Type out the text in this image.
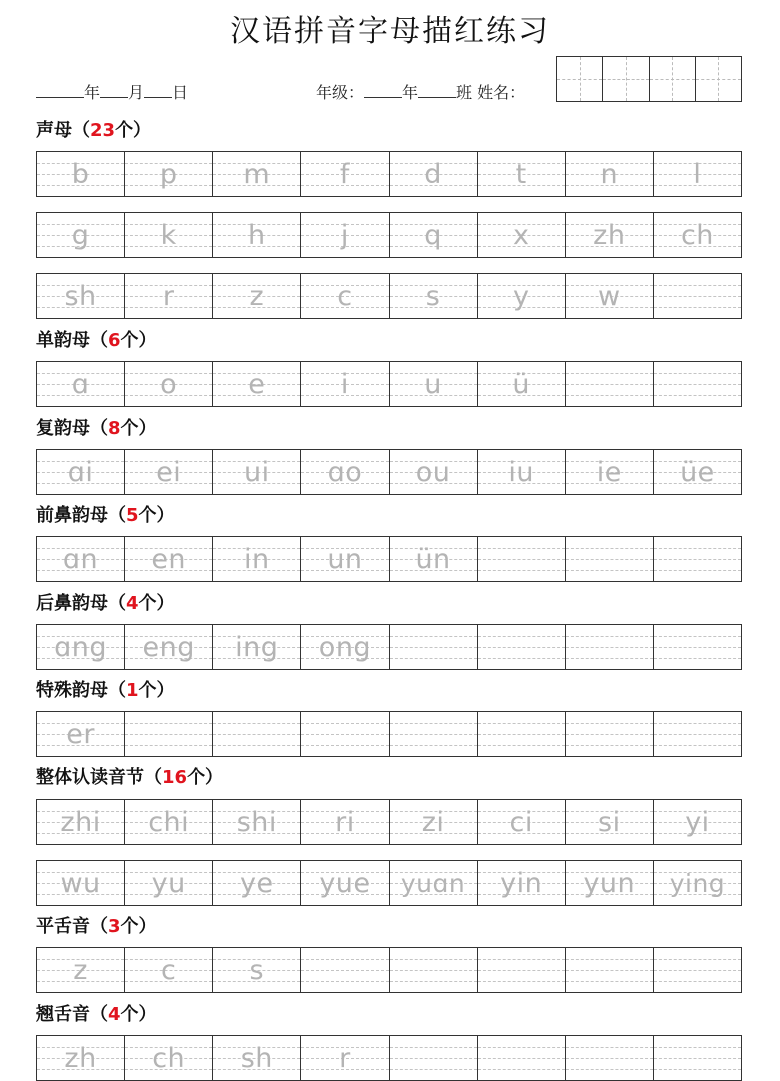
汉语拼音字母描红练习
年 月 日	年级： 年 班 姓名：
声母（23个）
b	p	m	f	d	t	n	l
g	k	h	j	q	x	zh	ch
sh	r	z	c	s	y	w
单韵母（6个）
ɑ	o	e	i	u	ü
复韵母（8个）
ɑi	ei	ui	ɑo	ou	iu	ie	üe
前鼻韵母（5个）
ɑn	en	in	un	ün
后鼻韵母（4个）
ɑng	eng	ing	ong
特殊韵母（1个）
er
整体认读音节（16个）
zhi	chi	shi	ri	zi	ci	si	yi
wu	yu	ye	yue	yuɑn	yin	yun	ying
平舌音（3个）
z	c	s
翘舌音（4个）
zh	ch	sh	r
